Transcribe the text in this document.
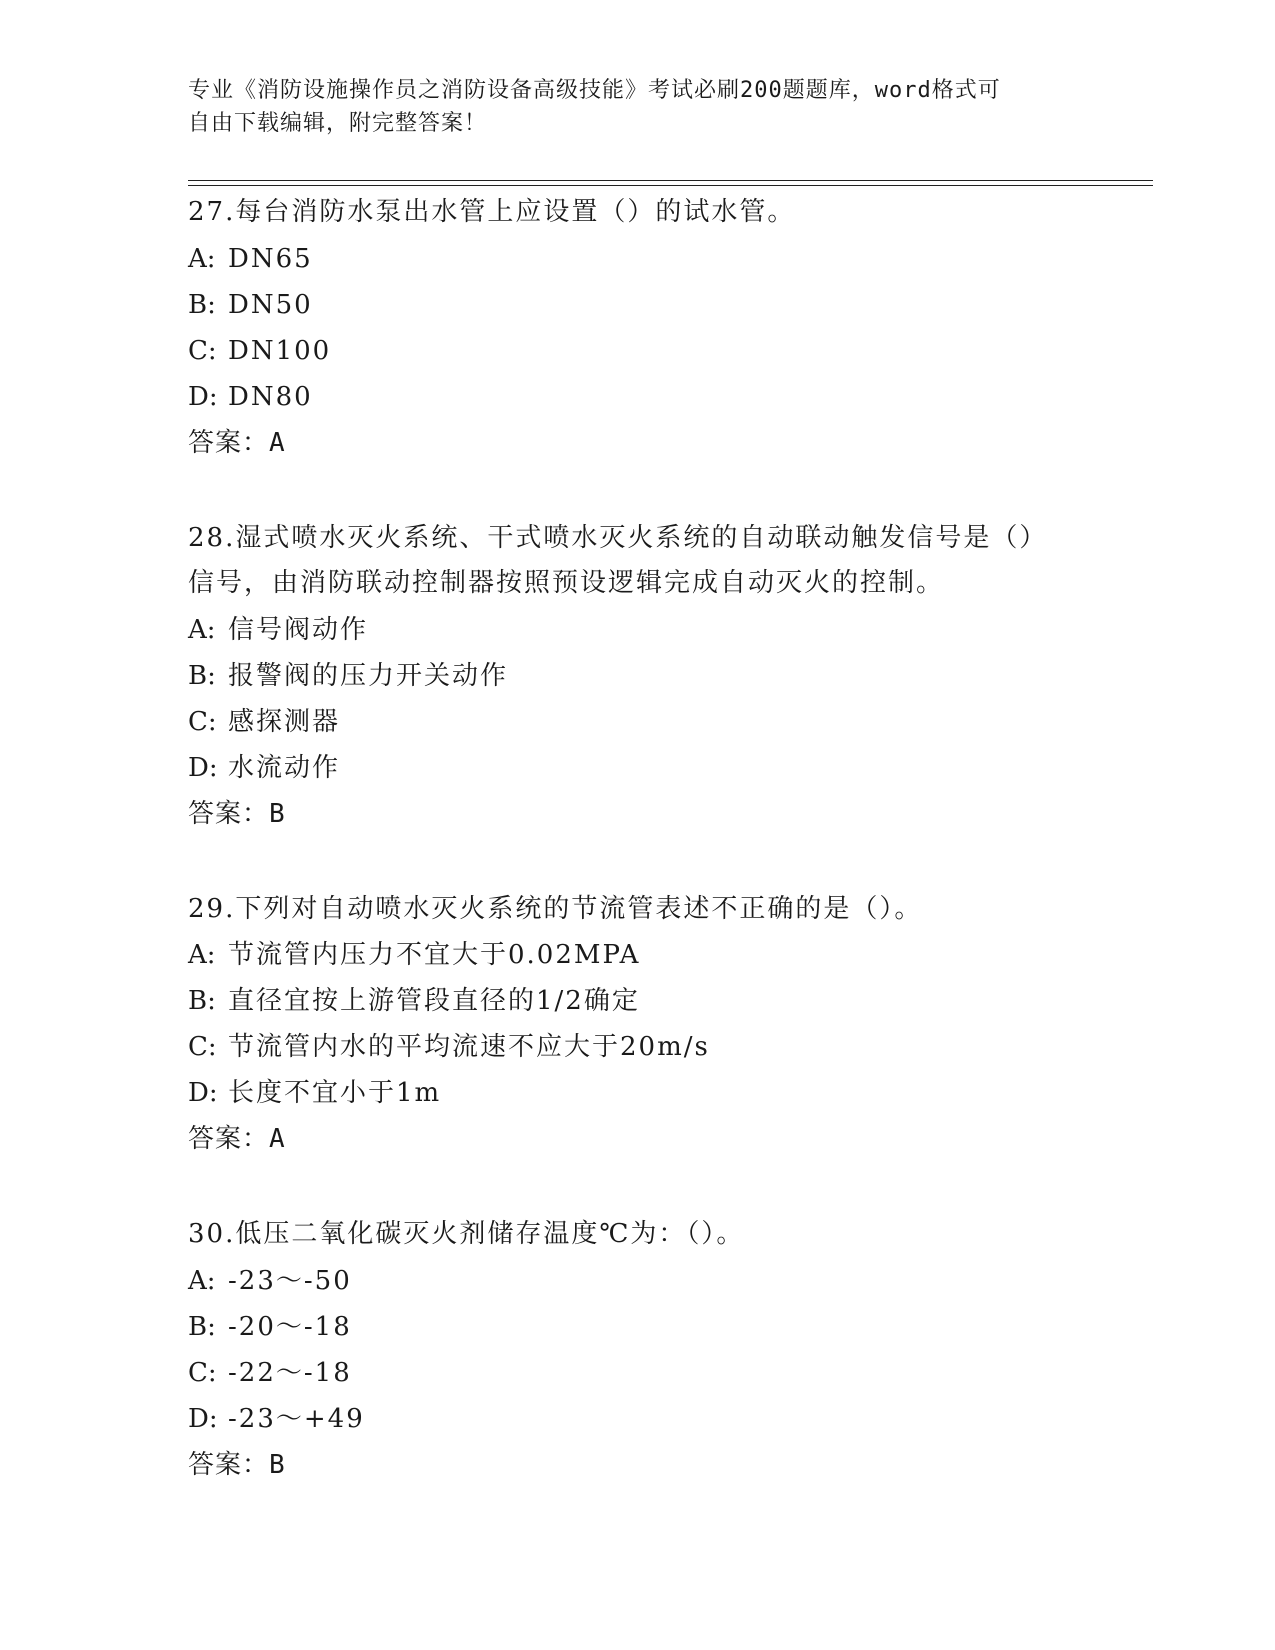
专业《消防设施操作员之消防设备高级技能》考试必刷200题题库，word格式可
自由下载编辑，附完整答案！
27.每台消防水泵出水管上应设置（）的试水管。
A: DN65
B: DN50
C: DN100
D: DN80
答案：A
28.湿式喷水灭火系统、干式喷水灭火系统的自动联动触发信号是（）
信号，由消防联动控制器按照预设逻辑完成自动灭火的控制。
A: 信号阀动作
B: 报警阀的压力开关动作
C: 感探测器
D: 水流动作
答案：B
29.下列对自动喷水灭火系统的节流管表述不正确的是（）。
A: 节流管内压力不宜大于0.02MPA
B: 直径宜按上游管段直径的1/2确定
C: 节流管内水的平均流速不应大于20m/s
D: 长度不宜小于1m
答案：A
30.低压二氧化碳灭火剂储存温度℃为：（）。
A: -23～-50
B: -20～-18
C: -22～-18
D: -23～+49
答案：B
